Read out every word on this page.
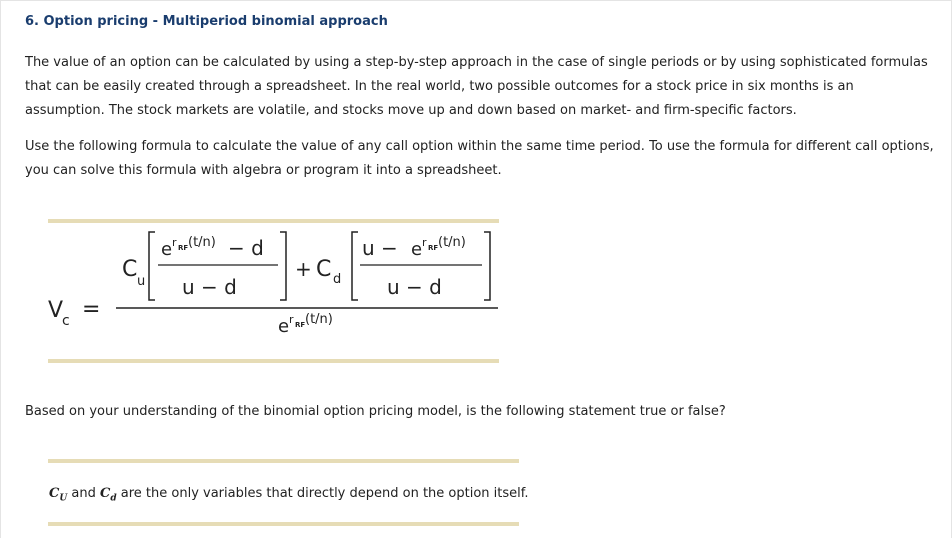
6. Option pricing - Multiperiod binomial approach

The value of an option can be calculated by using a step-by-step approach in the case of single periods or by using sophisticated formulas that can be easily created through a spreadsheet. In the real world, two possible outcomes for a stock price in six months is an assumption. The stock markets are volatile, and stocks move up and down based on market- and firm-specific factors.

Use the following formula to calculate the value of any call option within the same time period. To use the formula for different call options, you can solve this formula with algebra or program it into a spreadsheet.

V
c =
C u
e r RF (t/n) − d
u − d
+ C d
u − e r RF (t/n)
u − d
e r RF (t/n)
Based on your understanding of the binomial option pricing model, is the following statement true or false?
$C_U$ and $C_d$ are the only variables that directly depend on the option itself.
